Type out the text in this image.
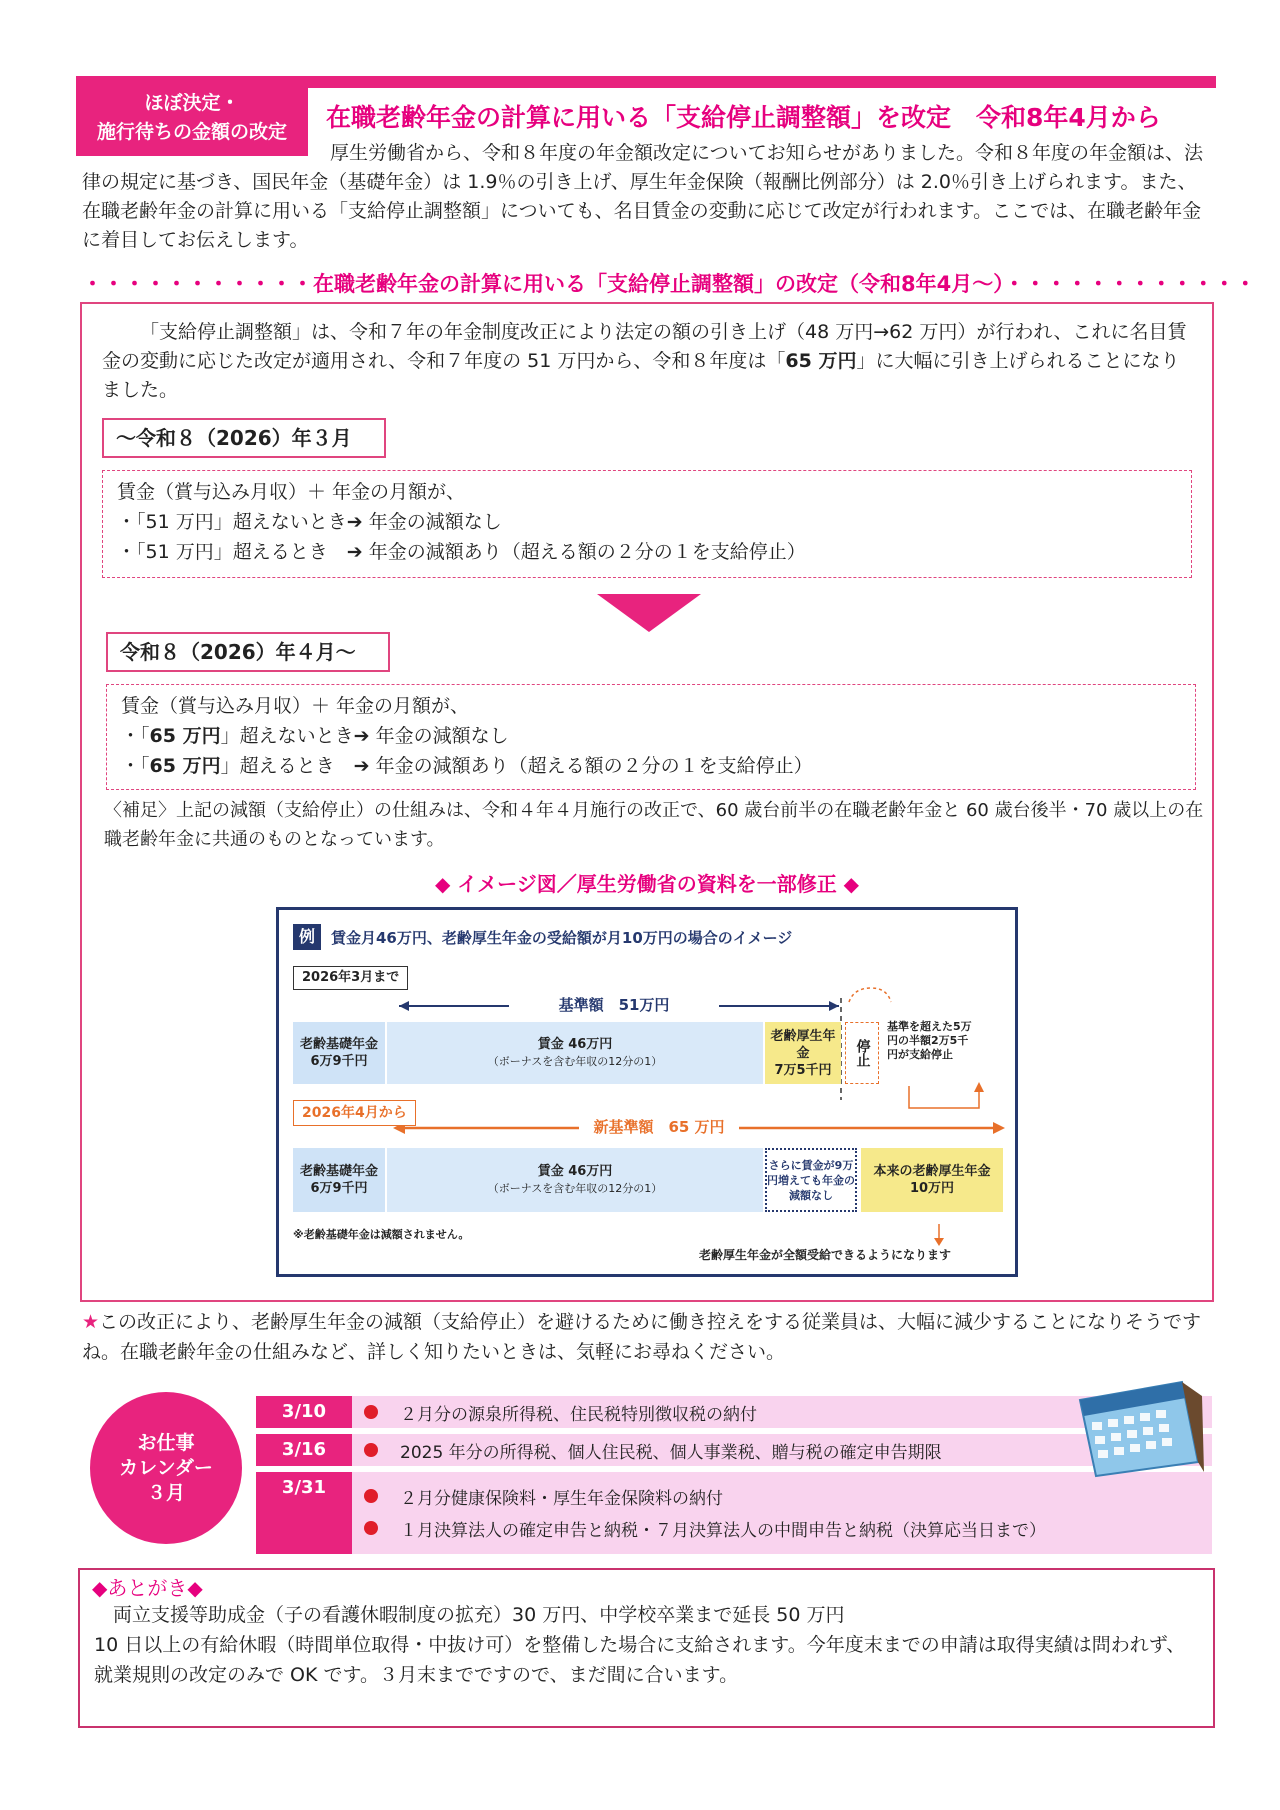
ほぼ決定・
施行待ちの金額の改定	在職老齢年金の計算に用いる「支給停止調整額」を改定　令和8年4月から

厚生労働省から、令和８年度の年金額改定についてお知らせがありました。令和８年度の年金額は、法律の規定に基づき、国民年金（基礎年金）は 1.9％の引き上げ、厚生年金保険（報酬比例部分）は 2.0％引き上げられます。また、在職老齢年金の計算に用いる「支給停止調整額」についても、名目賃金の変動に応じて改定が行われます。ここでは、在職老齢年金に着目してお伝えします。

・・・・・・・・・・・在職老齢年金の計算に用いる「支給停止調整額」の改定（令和8年4月～）・・・・・・・・・・・・

「支給停止調整額」は、令和７年の年金制度改正により法定の額の引き上げ（48 万円→62 万円）が行われ、これに名目賃金の変動に応じた改定が適用され、令和７年度の 51 万円から、令和８年度は「65 万円」に大幅に引き上げられることになりました。

～令和８（2026）年３月
賃金（賞与込み月収）＋ 年金の月額が、
・「51 万円」超えないとき➔ 年金の減額なし
・「51 万円」超えるとき　➔ 年金の減額あり（超える額の２分の１を支給停止）
令和８（2026）年４月～
賃金（賞与込み月収）＋ 年金の月額が、
・「65 万円」超えないとき➔ 年金の減額なし
・「65 万円」超えるとき　➔ 年金の減額あり（超える額の２分の１を支給停止）
〈補足〉上記の減額（支給停止）の仕組みは、令和４年４月施行の改正で、60 歳台前半の在職老齢年金と 60 歳台後半・70 歳以上の在職老齢年金に共通のものとなっています。
◆ イメージ図／厚生労働省の資料を一部修正 ◆
例	賃金月46万円、老齢厚生年金の受給額が月10万円の場合のイメージ
2026年3月まで
基準額　51万円
老齢基礎年金
6万9千円
賃金 46万円
（ボーナスを含む年収の12分の1）
老齢厚生年金
7万5千円
停止
基準を超えた5万円の半額2万5千円が支給停止
2026年4月から
新基準額　65 万円
老齢基礎年金
6万9千円
賃金 46万円
（ボーナスを含む年収の12分の1）
さらに賃金が9万円増えても年金の減額なし
本来の老齢厚生年金
10万円
※老齢基礎年金は減額されません。
老齢厚生年金が全額受給できるようになります
★この改正により、老齢厚生年金の減額（支給停止）を避けるために働き控えをする従業員は、大幅に減少することになりそうですね。在職老齢年金の仕組みなど、詳しく知りたいときは、気軽にお尋ねください。
お仕事
カレンダー
３月
3/10	２月分の源泉所得税、住民税特別徴収税の納付
3/16	2025 年分の所得税、個人住民税、個人事業税、贈与税の確定申告期限
3/31
２月分健康保険料・厚生年金保険料の納付
１月決算法人の確定申告と納税・７月決算法人の中間申告と納税（決算応当日まで）
◆あとがき◆

　両立支援等助成金（子の看護休暇制度の拡充）30 万円、中学校卒業まで延長 50 万円

10 日以上の有給休暇（時間単位取得・中抜け可）を整備した場合に支給されます。今年度末までの申請は取得実績は問われず、就業規則の改定のみで OK です。３月末までですので、まだ間に合います。
